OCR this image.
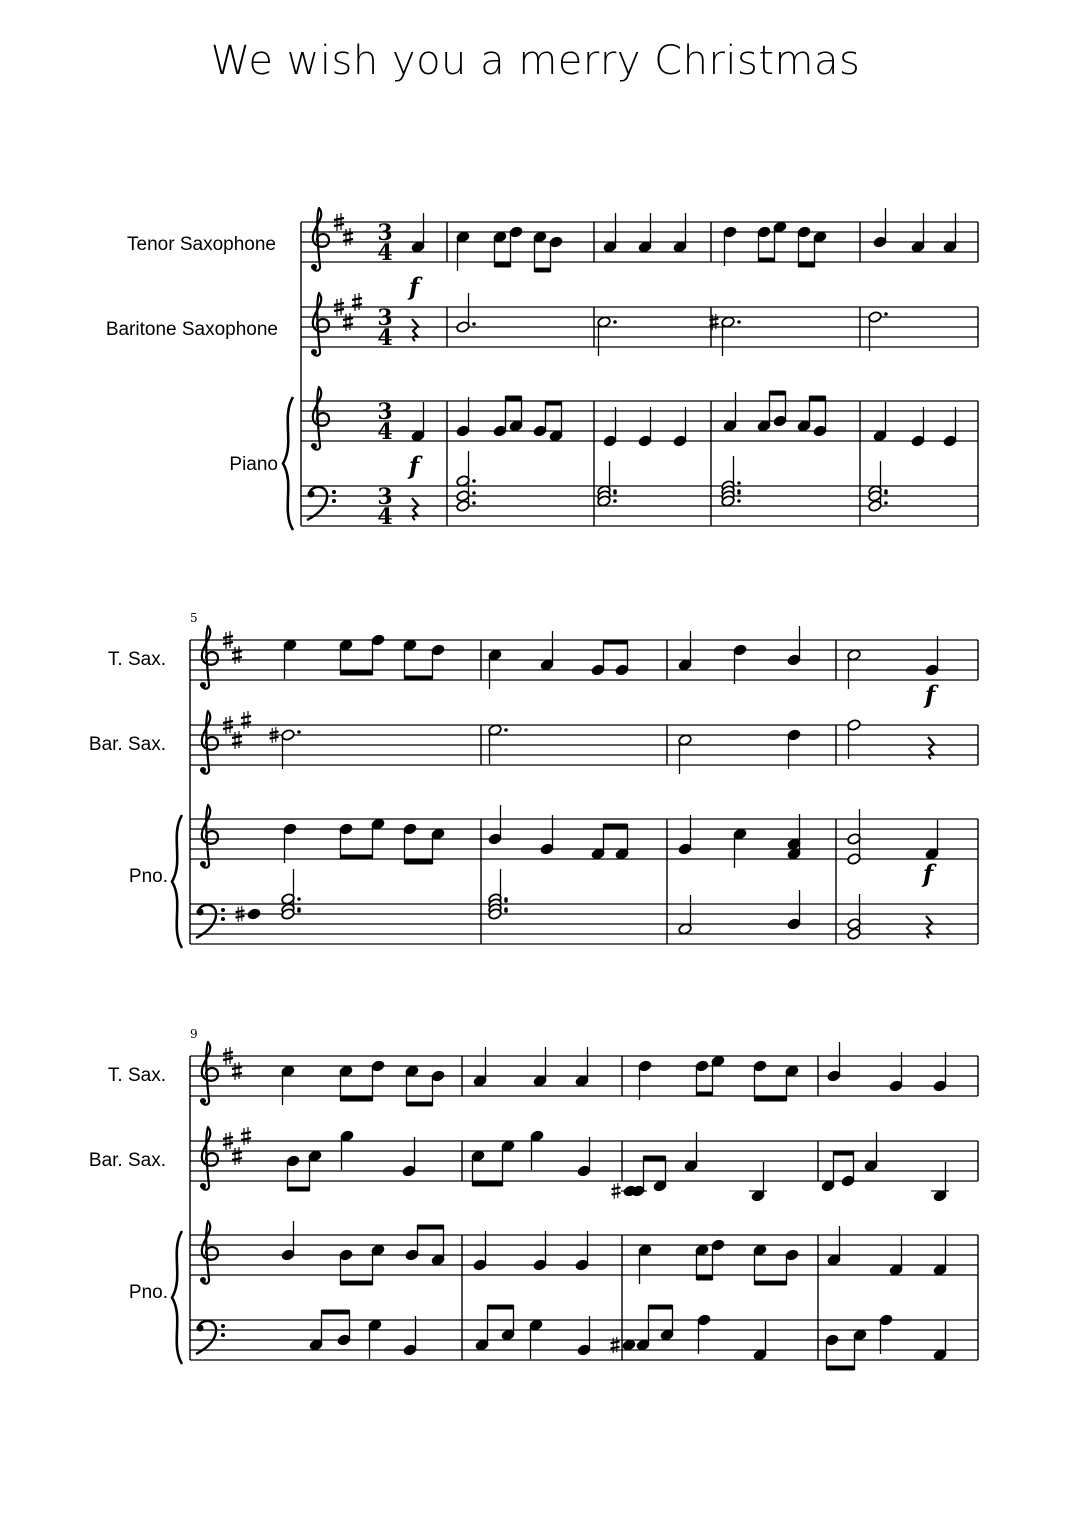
We wish you a merry Christmas
Tenor Saxophone
Baritone Saxophone
Piano
3
4
3
4
3
4
3
4
f
f
5
T. Sax.
Bar. Sax.
Pno.
f
f
9
T. Sax.
Bar. Sax.
Pno.
